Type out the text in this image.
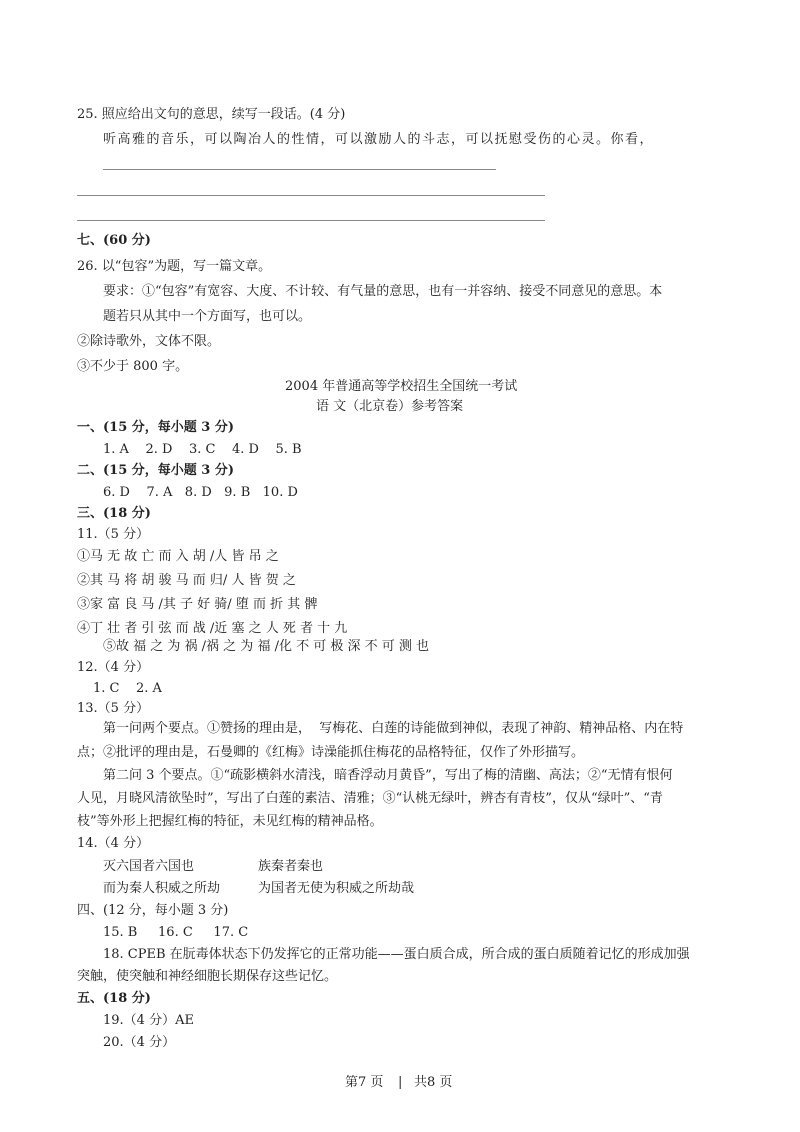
25. 照应给出文句的意思，续写一段话。(4 分)
听高雅的音乐，可以陶冶人的性情，可以激励人的斗志，可以抚慰受伤的心灵。你看，
七、(60 分)
26. 以“包容”为题，写一篇文章。
要求：①“包容”有宽容、大度、不计较、有气量的意思，也有一并容纳、接受不同意见的意思。本
题若只从其中一个方面写，也可以。
②除诗歌外，文体不限。
③不少于 800 字。
2004 年普通高等学校招生全国统一考试
语 文（北京卷）参考答案
一、(15 分，每小题 3 分)
1. A    2. D    3. C    4. D    5. B
二、(15 分，每小题 3 分)
6. D    7. A   8. D   9. B   10. D
三、(18 分)
11.（5 分）
①马 无 故 亡 而 入 胡 /人 皆 吊 之
②其 马 将 胡 骏 马 而 归/ 人 皆 贺 之
③家 富 良 马 /其 子 好 骑/ 堕 而 折 其 髀
④丁 壮 者 引 弦 而 战 /近 塞 之 人 死 者 十 九
⑤故 福 之 为 祸 /祸 之 为 福 /化 不 可 极 深 不 可 测 也
12.（4 分）
1. C    2. A
13.（5 分）
第一问两个要点。①赞扬的理由是，  写梅花、白莲的诗能做到神似，表现了神韵、精神品格、内在特
点；②批评的理由是，石曼卿的《红梅》诗澡能抓住梅花的品格特征，仅作了外形描写。
第二问 3 个要点。①“疏影横斜水清浅，暗香浮动月黄昏”，写出了梅的清幽、高法；②“无情有恨何
人见，月晓风清欲坠时”，写出了白莲的素洁、清雅；③“认桃无绿叶，辨杏有青枝”，仅从“绿叶”、“青
枝”等外形上把握红梅的特征，未见红梅的精神品格。
14.（4 分）
灭六国者六国也	族秦者秦也
而为秦人积威之所劫	为国者无使为积威之所劫哉
四、(12 分，每小题 3 分)
15. B     16. C     17. C
18. CPEB 在朊毒体状态下仍发挥它的正常功能——蛋白质合成，所合成的蛋白质随着记忆的形成加强
突触，使突触和神经细胞长期保存这些记忆。
五、(18 分)
19.（4 分）AE
20.（4 分）
第7 页 | 共8 页
